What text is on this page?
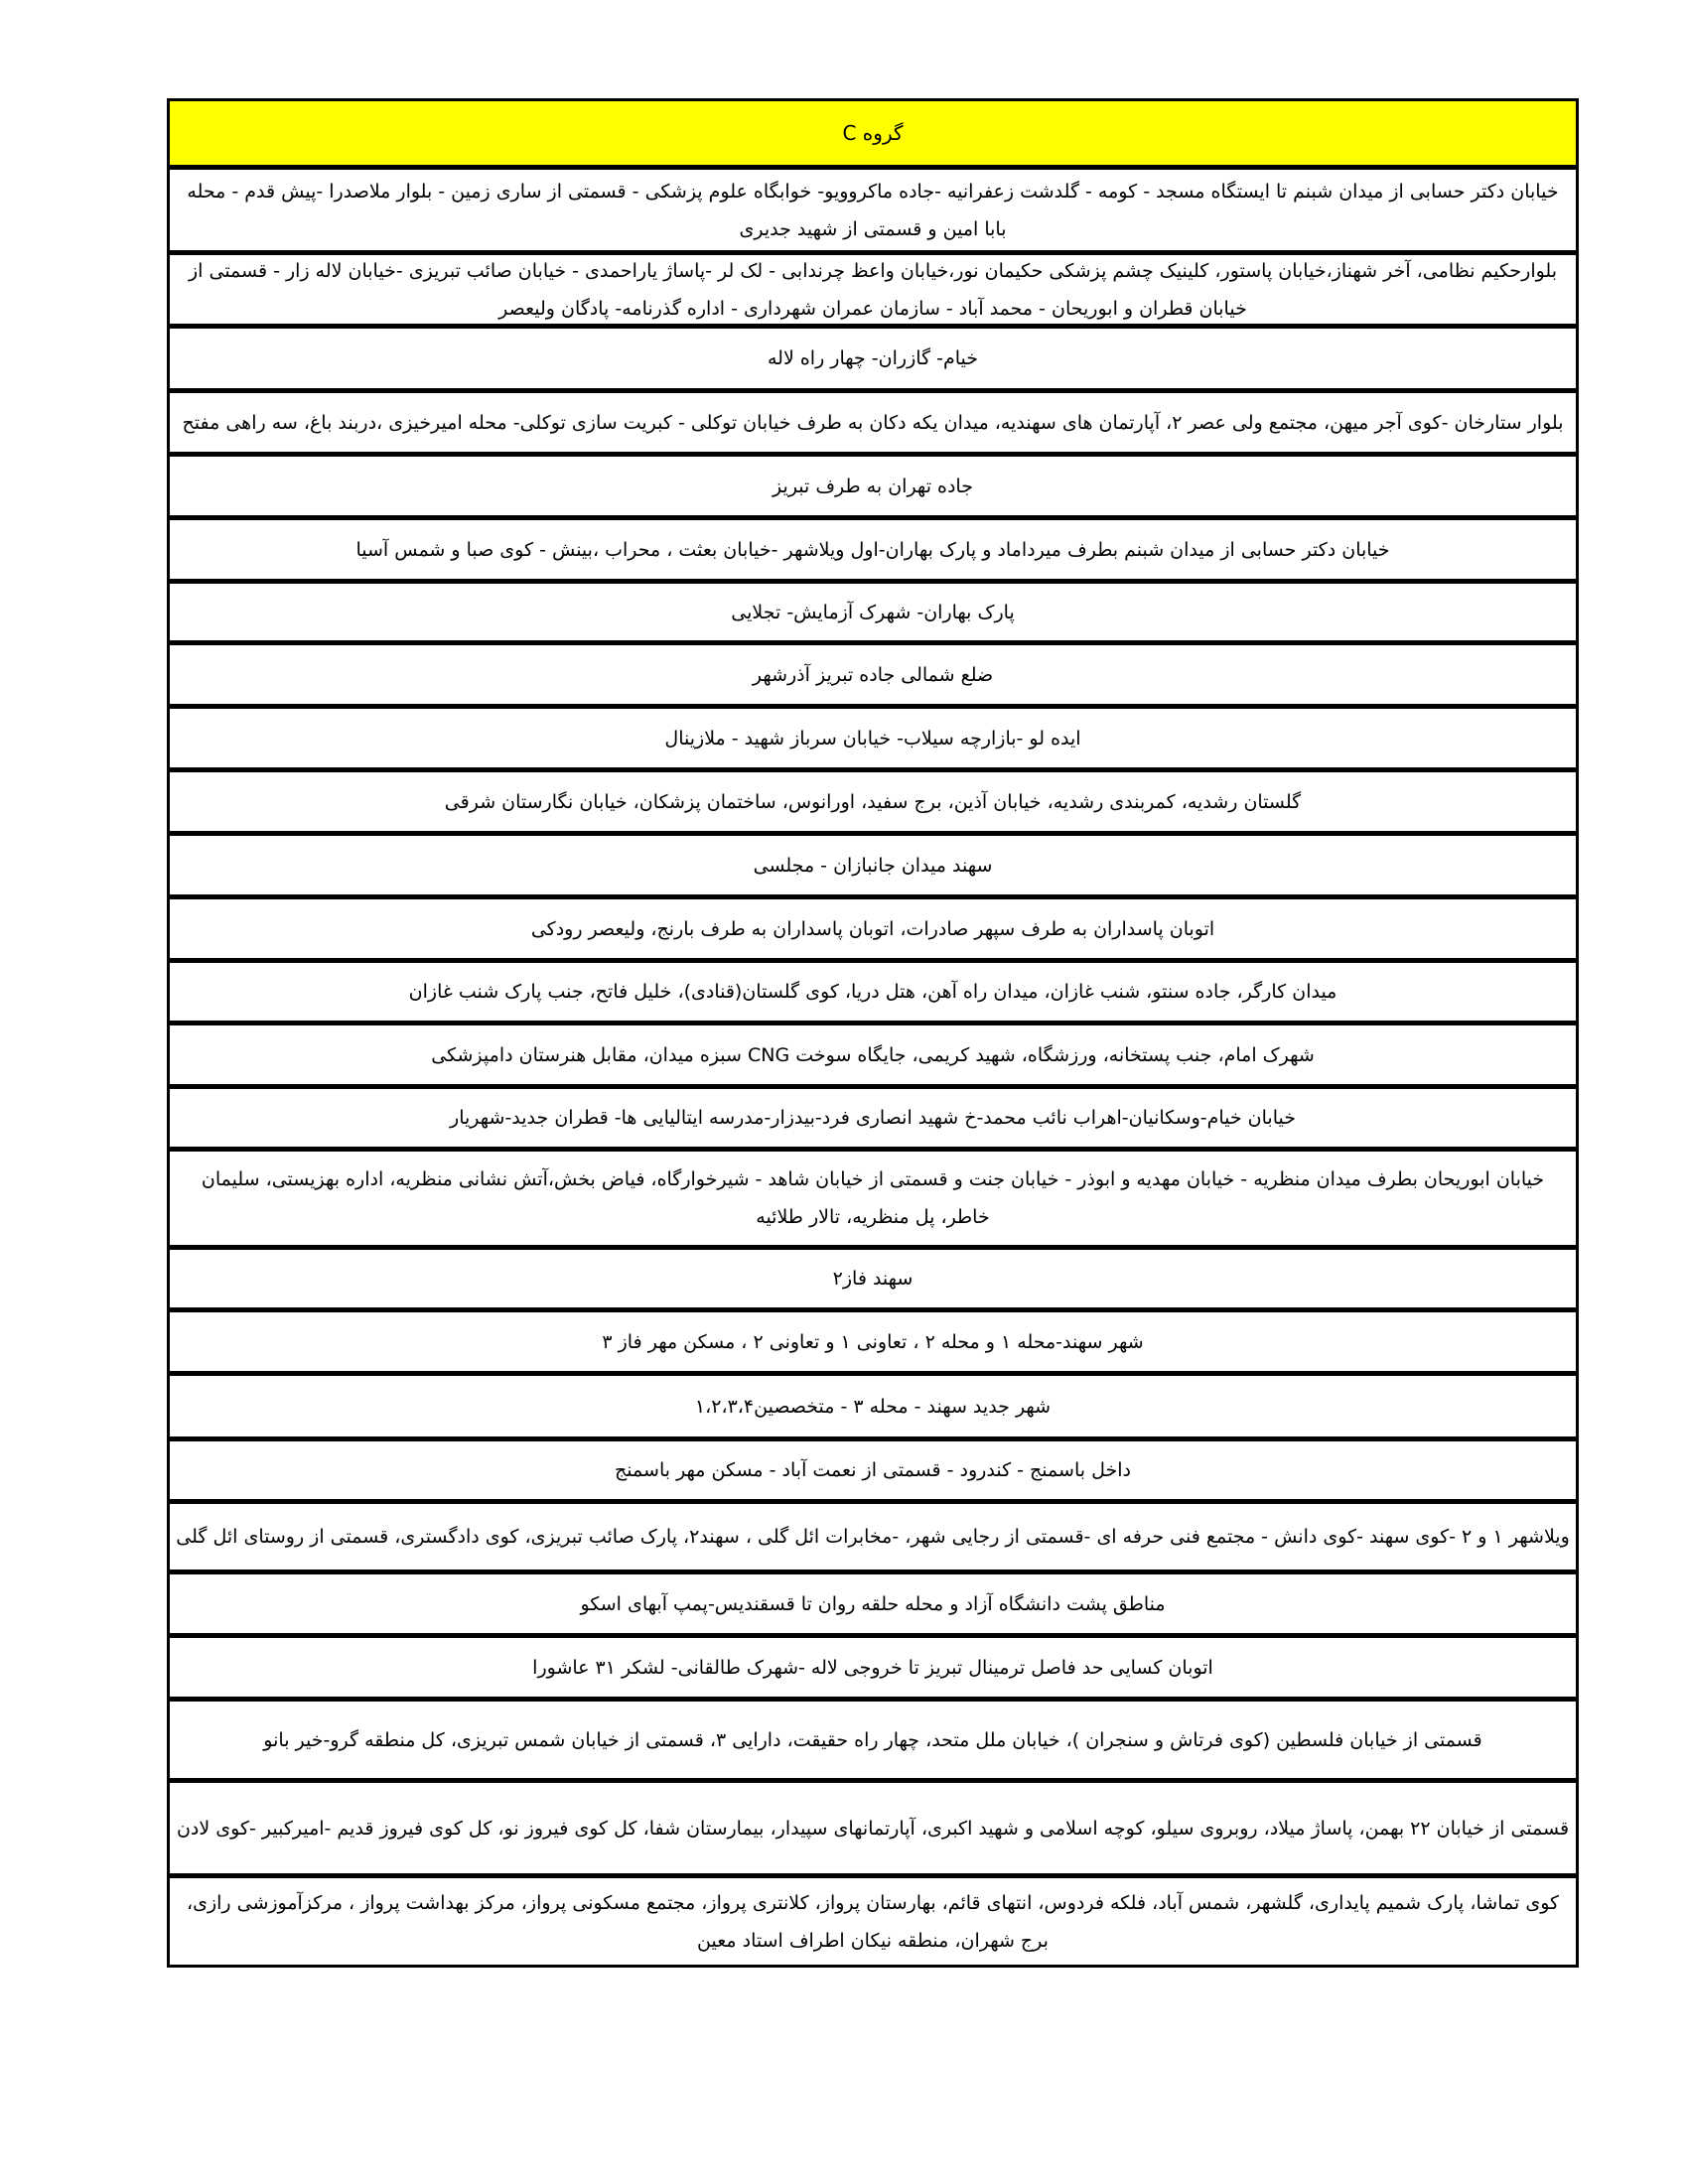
گروه C
خیابان دکتر حسابی از میدان شبنم تا ایستگاه مسجد - کومه - گلدشت زعفرانیه -جاده ماکروویو- خوابگاه علوم پزشکی - قسمتی از ساری زمین - بلوار ملاصدرا -پیش قدم - محله بابا امین و قسمتی از شهید جدیری
بلوارحکیم نظامی، آخر شهناز،خیابان پاستور، کلینیک چشم پزشکی حکیمان نور،خیابان واعظ چرندابی - لک لر -پاساژ یاراحمدی - خیابان صائب تبریزی -خیابان لاله زار - قسمتی از خیابان قطران و ابوریحان - محمد آباد - سازمان عمران شهرداری - اداره گذرنامه- پادگان ولیعصر
خیام- گازران- چهار راه لاله
بلوار ستارخان -کوی آجر میهن، مجتمع ولی عصر ۲، آپارتمان های سهندیه، میدان یکه دکان به طرف خیابان توکلی - کبریت سازی توکلی- محله امیرخیزی ،دربند باغ، سه راهی مفتح
جاده تهران به طرف تبریز
خیابان دکتر حسابی از میدان شبنم بطرف میرداماد و پارک بهاران-اول ویلاشهر -خیابان بعثت ، محراب ،بینش - کوی صبا و شمس آسیا
پارک بهاران- شهرک آزمایش- تجلایی
ضلع شمالی جاده تبریز آذرشهر
ایده لو -بازارچه سیلاب- خیابان سرباز شهید - ملازینال
گلستان رشدیه، کمربندی رشدیه، خیابان آذین، برج سفید، اورانوس، ساختمان پزشکان، خیابان نگارستان شرقی
سهند میدان جانبازان - مجلسی
اتوبان پاسداران به طرف سپهر صادرات، اتوبان پاسداران به طرف بارنج، ولیعصر رودکی
میدان کارگر، جاده سنتو، شنب غازان، میدان راه آهن، هتل دریا، کوی گلستان(قنادی)، خلیل فاتح، جنب پارک شنب غازان
شهرک امام، جنب پستخانه، ورزشگاه، شهید کریمی، جایگاه سوخت CNG سبزه میدان، مقابل هنرستان دامپزشکی
خیابان خیام-وسکانیان-اهراب نائب محمد-خ شهید انصاری فرد-بیدزار-مدرسه ایتالیایی ها- قطران جدید-شهریار
خیابان ابوریحان بطرف میدان منظریه - خیابان مهدیه و ابوذر - خیابان جنت و قسمتی از خیابان شاهد - شیرخوارگاه، فیاض بخش،آتش نشانی منظریه، اداره بهزیستی، سلیمان خاطر، پل منظریه، تالار طلائیه
سهند فاز۲
شهر سهند-محله ۱ و محله ۲ ، تعاونی ۱ و تعاونی ۲ ، مسکن مهر فاز ۳
شهر جدید سهند - محله ۳ - متخصصین۱،۲،۳،۴
داخل باسمنج - کندرود - قسمتی از نعمت آباد - مسکن مهر باسمنج
ویلاشهر ۱ و ۲ -کوی سهند -کوی دانش - مجتمع فنی حرفه ای -قسمتی از رجایی شهر، -مخابرات ائل گلی ، سهند۲، پارک صائب تبریزی، کوی دادگستری، قسمتی از روستای ائل گلی
مناطق پشت دانشگاه آزاد و محله حلقه روان تا قسقندیس-پمپ آبهای اسکو
اتوبان کسایی حد فاصل ترمینال تبریز تا خروجی لاله -شهرک طالقانی- لشکر ۳۱ عاشورا
قسمتی از خیابان فلسطین (کوی فرتاش و سنجران )، خیابان ملل متحد، چهار راه حقیقت، دارایی ۳، قسمتی از خیابان شمس تبریزی، کل منطقه گرو-خیر بانو
قسمتی از خیابان ۲۲ بهمن، پاساژ میلاد، روبروی سیلو، کوچه اسلامی و شهید اکبری، آپارتمانهای سپیدار، بیمارستان شفا، کل کوی فیروز نو، کل کوی فیروز قدیم -امیرکبیر -کوی لادن
کوی تماشا، پارک شمیم پایداری، گلشهر، شمس آباد، فلکه فردوس، انتهای قائم، بهارستان پرواز، کلانتری پرواز، مجتمع مسکونی پرواز، مرکز بهداشت پرواز ، مرکزآموزشی رازی، برج شهران، منطقه نیکان اطراف استاد معین
